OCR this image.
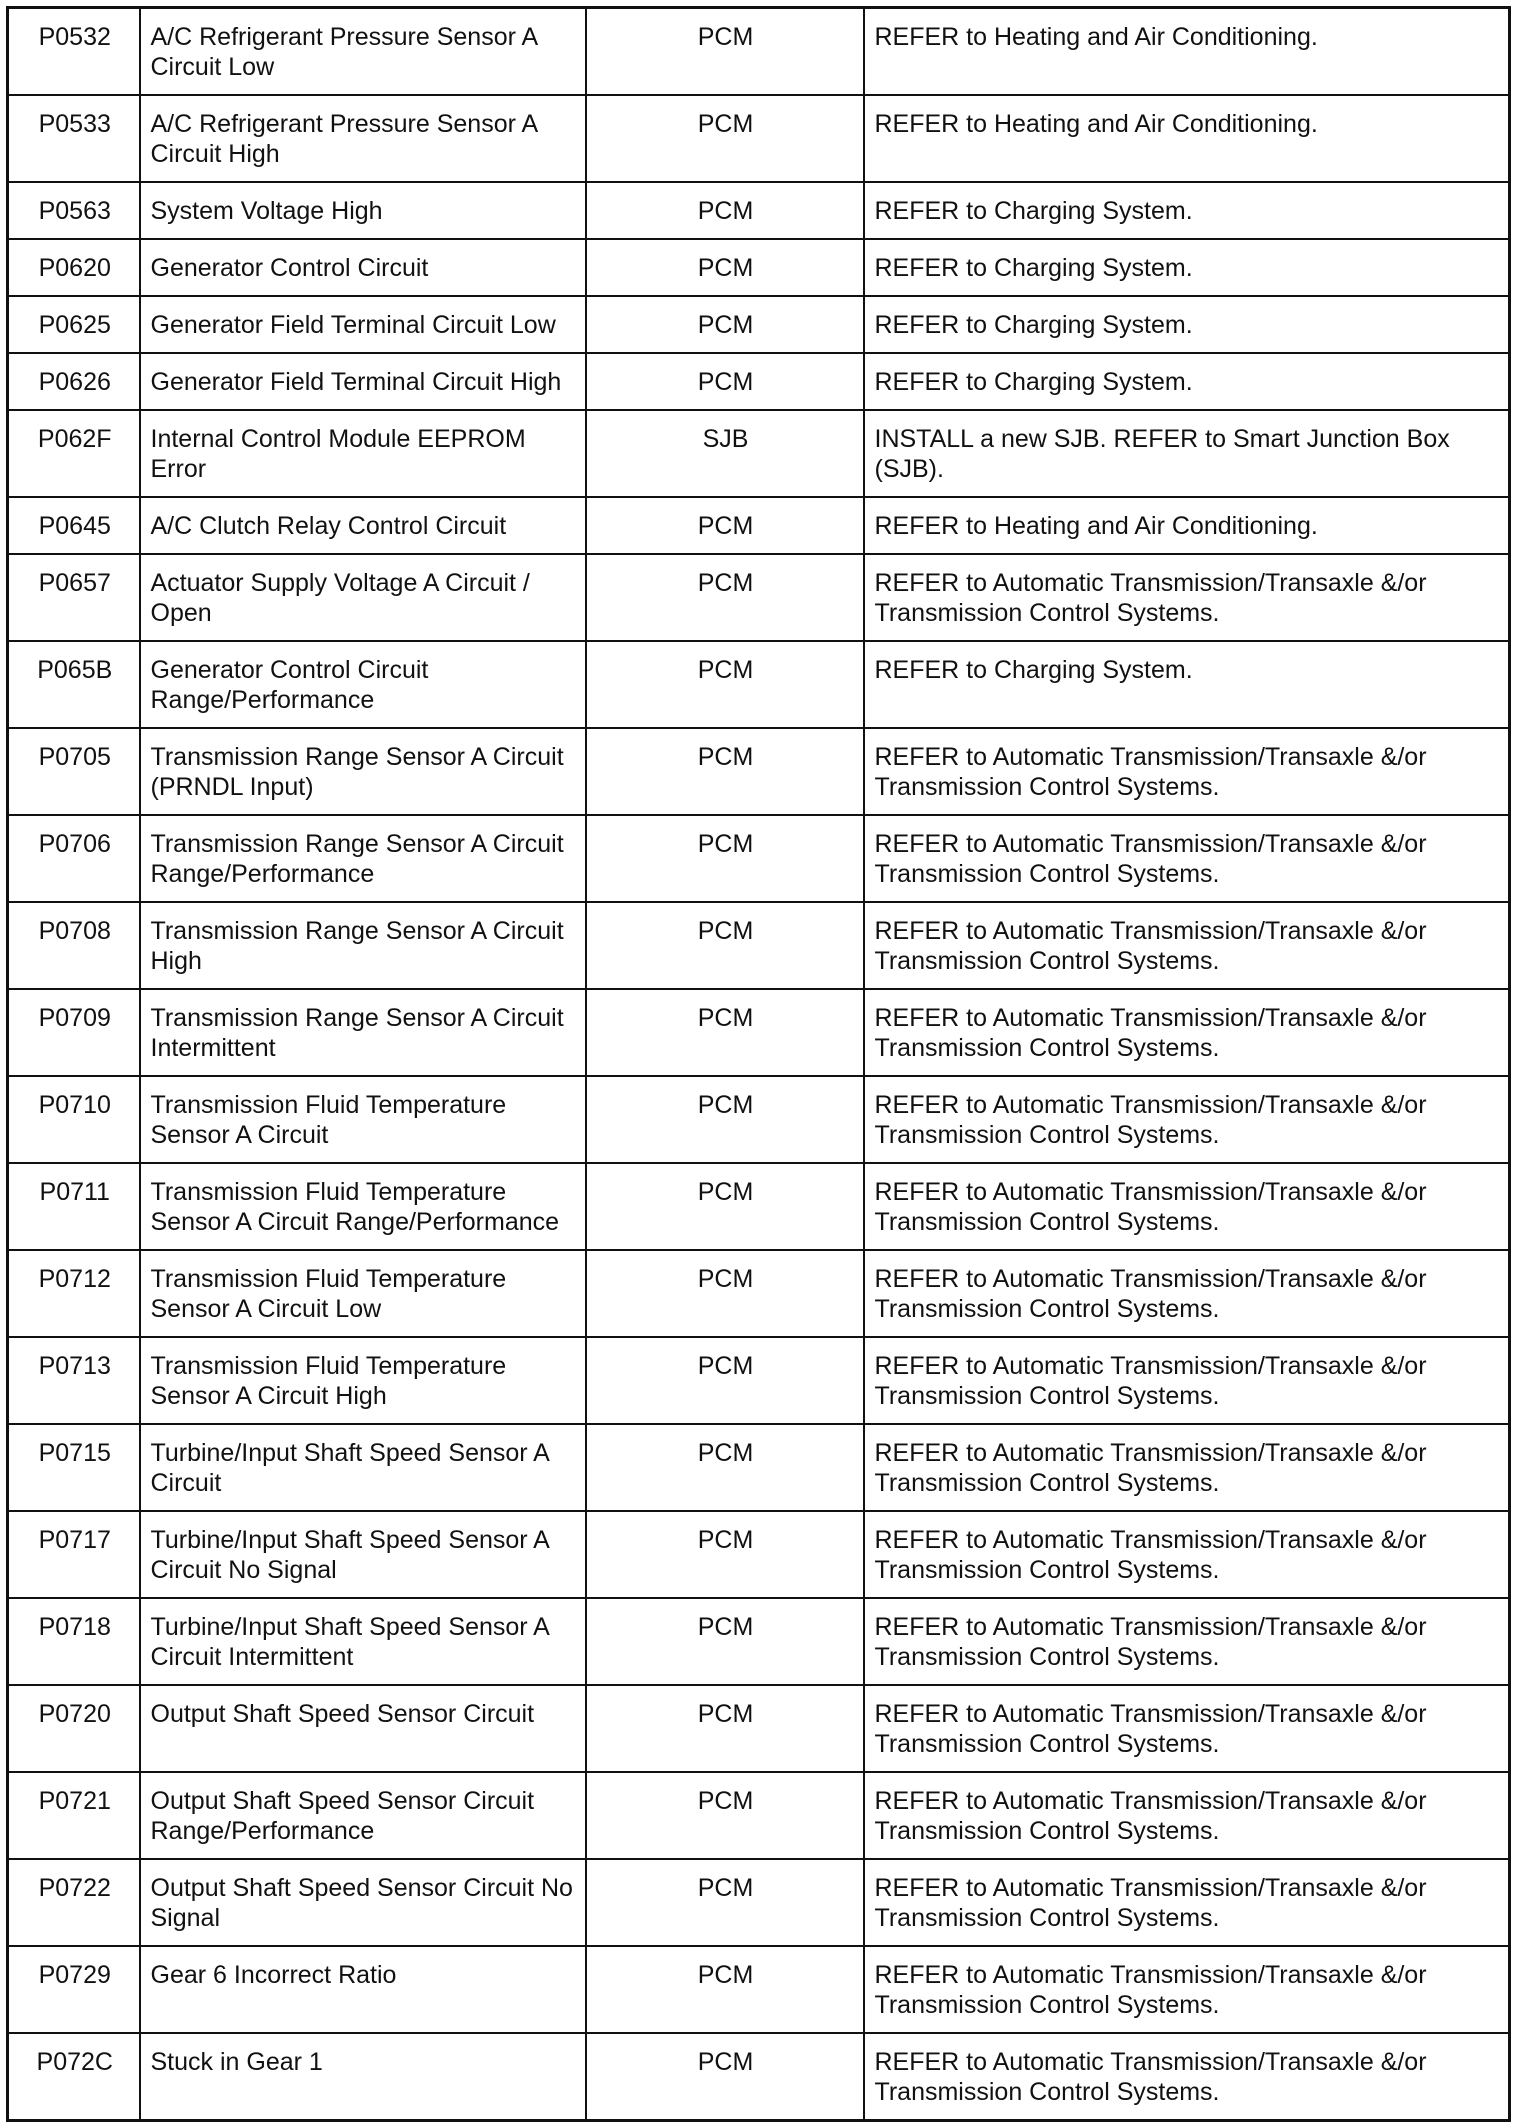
P0532	A/C Refrigerant Pressure Sensor A Circuit Low	PCM	REFER to Heating and Air Conditioning.
P0533	A/C Refrigerant Pressure Sensor A Circuit High	PCM	REFER to Heating and Air Conditioning.
P0563	System Voltage High	PCM	REFER to Charging System.
P0620	Generator Control Circuit	PCM	REFER to Charging System.
P0625	Generator Field Terminal Circuit Low	PCM	REFER to Charging System.
P0626	Generator Field Terminal Circuit High	PCM	REFER to Charging System.
P062F	Internal Control Module EEPROM Error	SJB	INSTALL a new SJB. REFER to Smart Junction Box (SJB).
P0645	A/C Clutch Relay Control Circuit	PCM	REFER to Heating and Air Conditioning.
P0657	Actuator Supply Voltage A Circuit / Open	PCM	REFER to Automatic Transmission/Transaxle &/or Transmission Control Systems.
P065B	Generator Control Circuit Range/Performance	PCM	REFER to Charging System.
P0705	Transmission Range Sensor A Circuit (PRNDL Input)	PCM	REFER to Automatic Transmission/Transaxle &/or Transmission Control Systems.
P0706	Transmission Range Sensor A Circuit Range/Performance	PCM	REFER to Automatic Transmission/Transaxle &/or Transmission Control Systems.
P0708	Transmission Range Sensor A Circuit High	PCM	REFER to Automatic Transmission/Transaxle &/or Transmission Control Systems.
P0709	Transmission Range Sensor A Circuit Intermittent	PCM	REFER to Automatic Transmission/Transaxle &/or Transmission Control Systems.
P0710	Transmission Fluid Temperature Sensor A Circuit	PCM	REFER to Automatic Transmission/Transaxle &/or Transmission Control Systems.
P0711	Transmission Fluid Temperature Sensor A Circuit Range/Performance	PCM	REFER to Automatic Transmission/Transaxle &/or Transmission Control Systems.
P0712	Transmission Fluid Temperature Sensor A Circuit Low	PCM	REFER to Automatic Transmission/Transaxle &/or Transmission Control Systems.
P0713	Transmission Fluid Temperature Sensor A Circuit High	PCM	REFER to Automatic Transmission/Transaxle &/or Transmission Control Systems.
P0715	Turbine/Input Shaft Speed Sensor A Circuit	PCM	REFER to Automatic Transmission/Transaxle &/or Transmission Control Systems.
P0717	Turbine/Input Shaft Speed Sensor A Circuit No Signal	PCM	REFER to Automatic Transmission/Transaxle &/or Transmission Control Systems.
P0718	Turbine/Input Shaft Speed Sensor A Circuit Intermittent	PCM	REFER to Automatic Transmission/Transaxle &/or Transmission Control Systems.
P0720	Output Shaft Speed Sensor Circuit	PCM	REFER to Automatic Transmission/Transaxle &/or Transmission Control Systems.
P0721	Output Shaft Speed Sensor Circuit Range/Performance	PCM	REFER to Automatic Transmission/Transaxle &/or Transmission Control Systems.
P0722	Output Shaft Speed Sensor Circuit No Signal	PCM	REFER to Automatic Transmission/Transaxle &/or Transmission Control Systems.
P0729	Gear 6 Incorrect Ratio	PCM	REFER to Automatic Transmission/Transaxle &/or Transmission Control Systems.
P072C	Stuck in Gear 1	PCM	REFER to Automatic Transmission/Transaxle &/or Transmission Control Systems.
